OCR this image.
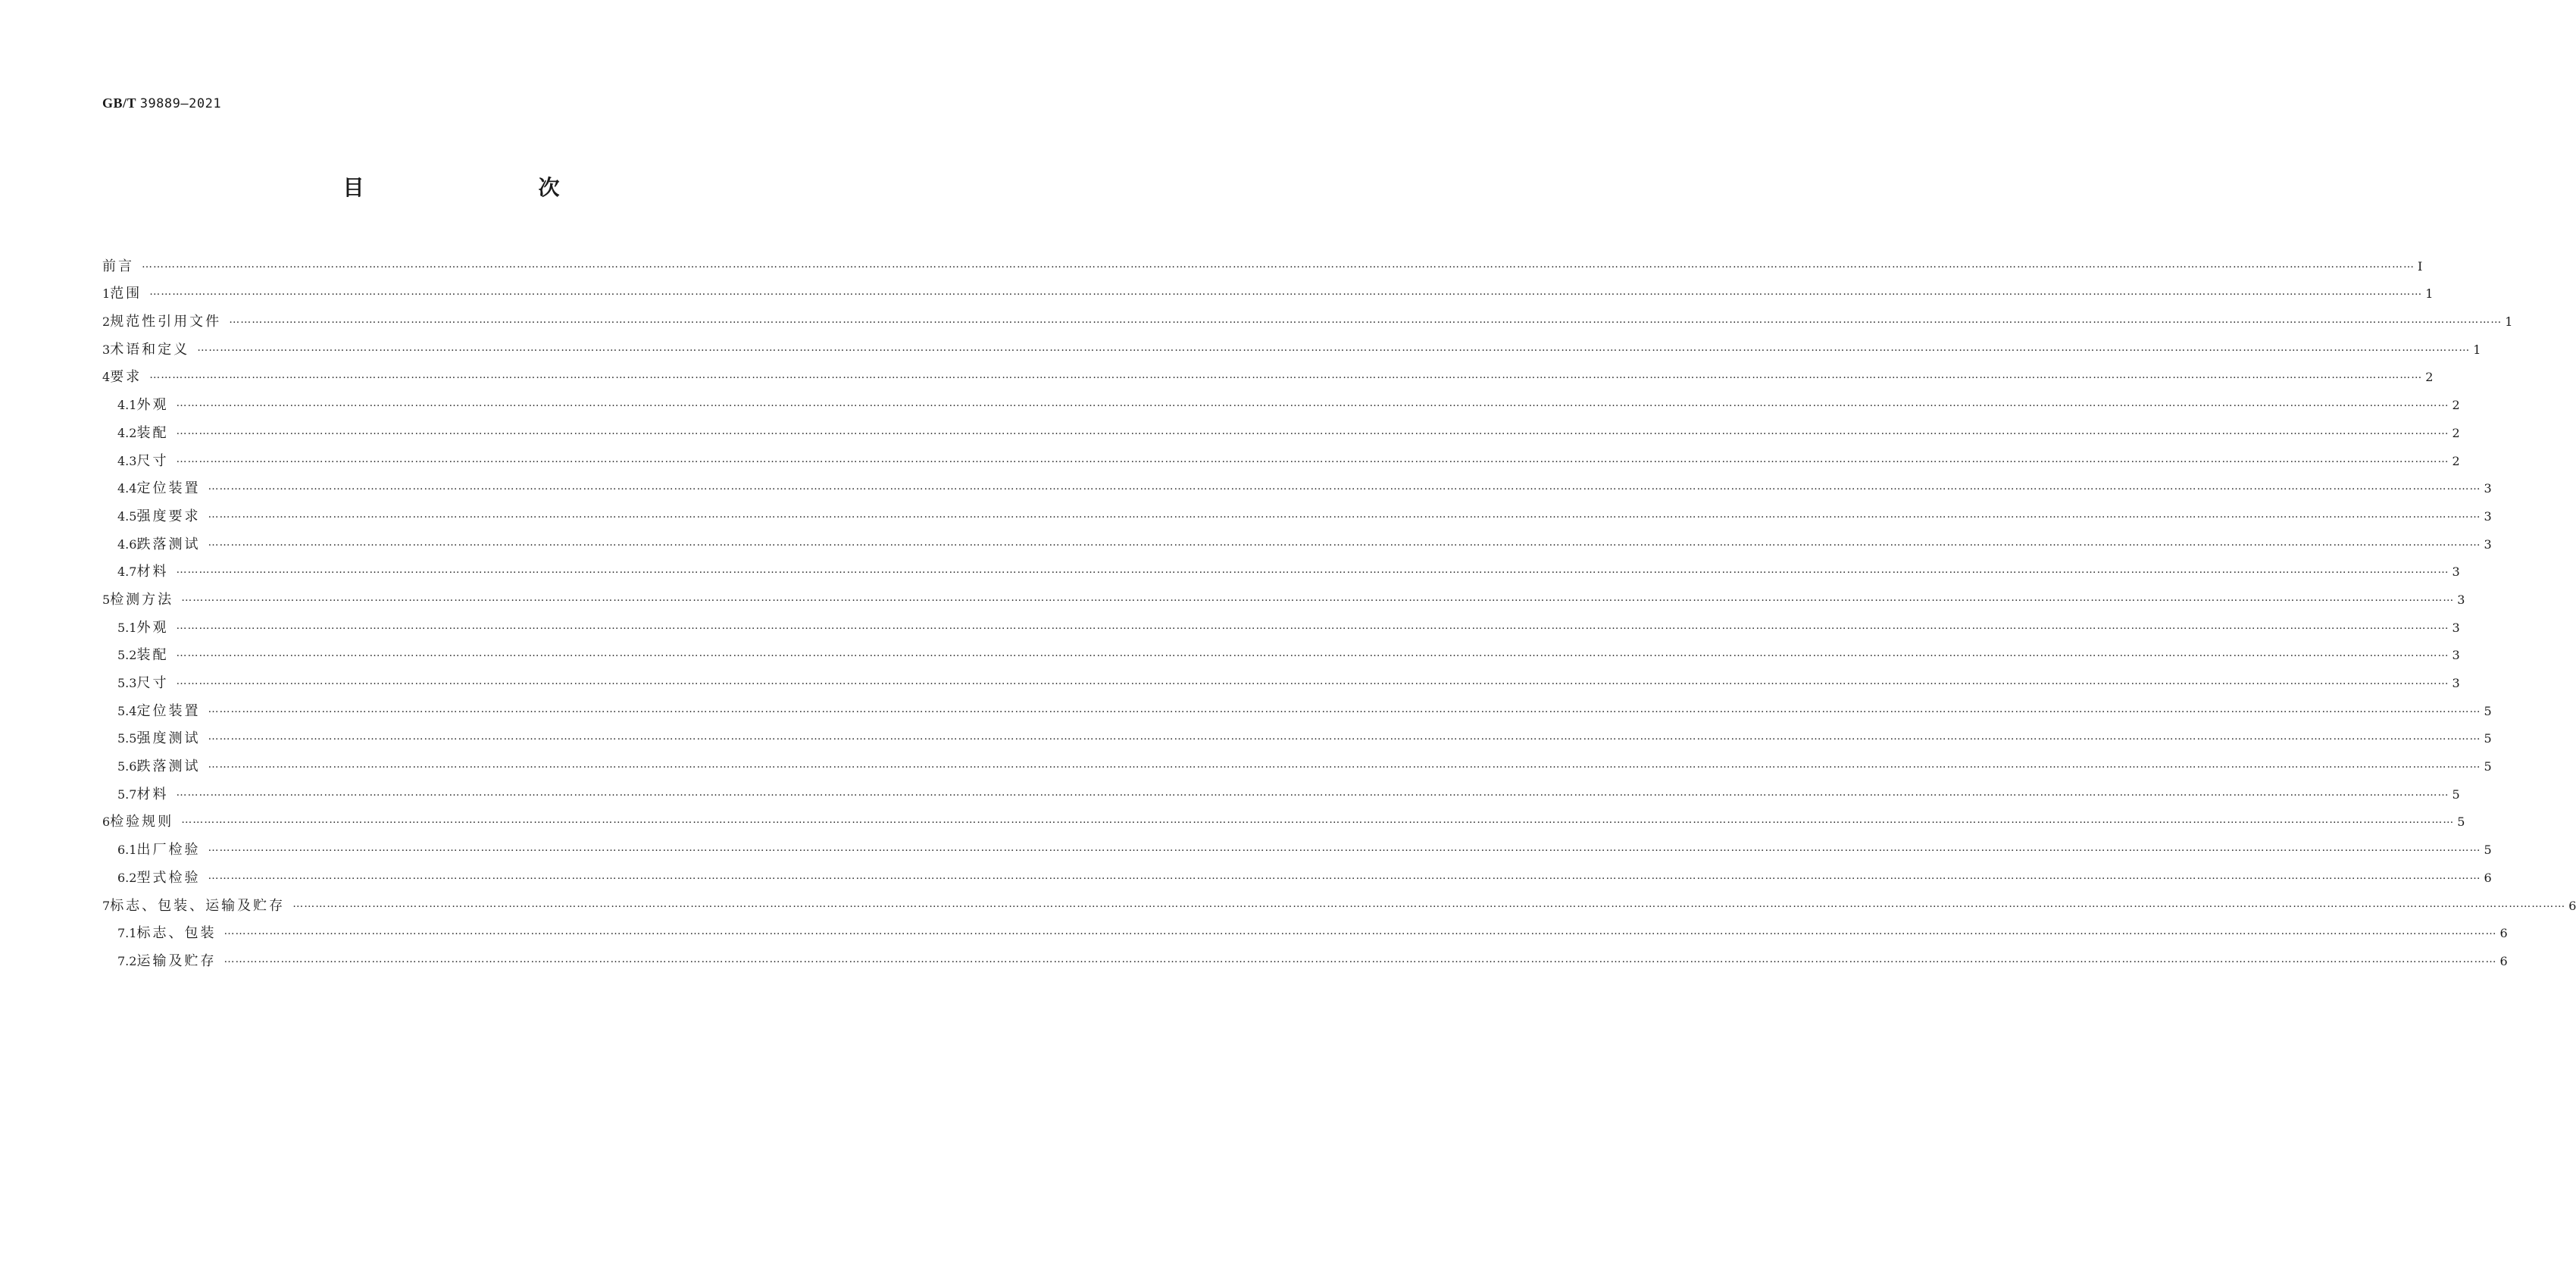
GB/T 39889—2021
目　　次
前言 …………………………………………………………………………………………………………………………………………………………………………………………………………………………………………………………………………………………………………………………………………………………………………………………………………………………………………………………………………………………………………………………………………………… Ⅰ
1 范围 …………………………………………………………………………………………………………………………………………………………………………………………………………………………………………………………………………………………………………………………………………………………………………………………………………………………………………………………………………………………………………………………………………………… 1
2 规范性引用文件 …………………………………………………………………………………………………………………………………………………………………………………………………………………………………………………………………………………………………………………………………………………………………………………………………………………………………………………………………………………………………………………………………………………… 1
3 术语和定义 …………………………………………………………………………………………………………………………………………………………………………………………………………………………………………………………………………………………………………………………………………………………………………………………………………………………………………………………………………………………………………………………………………………… 1
4 要求 …………………………………………………………………………………………………………………………………………………………………………………………………………………………………………………………………………………………………………………………………………………………………………………………………………………………………………………………………………………………………………………………………………………… 2
4.1 外观 …………………………………………………………………………………………………………………………………………………………………………………………………………………………………………………………………………………………………………………………………………………………………………………………………………………………………………………………………………………………………………………………………………………… 2
4.2 装配 …………………………………………………………………………………………………………………………………………………………………………………………………………………………………………………………………………………………………………………………………………………………………………………………………………………………………………………………………………………………………………………………………………………… 2
4.3 尺寸 …………………………………………………………………………………………………………………………………………………………………………………………………………………………………………………………………………………………………………………………………………………………………………………………………………………………………………………………………………………………………………………………………………………… 2
4.4 定位装置 …………………………………………………………………………………………………………………………………………………………………………………………………………………………………………………………………………………………………………………………………………………………………………………………………………………………………………………………………………………………………………………………………………………… 3
4.5 强度要求 …………………………………………………………………………………………………………………………………………………………………………………………………………………………………………………………………………………………………………………………………………………………………………………………………………………………………………………………………………………………………………………………………………………… 3
4.6 跌落测试 …………………………………………………………………………………………………………………………………………………………………………………………………………………………………………………………………………………………………………………………………………………………………………………………………………………………………………………………………………………………………………………………………………………… 3
4.7 材料 …………………………………………………………………………………………………………………………………………………………………………………………………………………………………………………………………………………………………………………………………………………………………………………………………………………………………………………………………………………………………………………………………………………… 3
5 检测方法 …………………………………………………………………………………………………………………………………………………………………………………………………………………………………………………………………………………………………………………………………………………………………………………………………………………………………………………………………………………………………………………………………………………… 3
5.1 外观 …………………………………………………………………………………………………………………………………………………………………………………………………………………………………………………………………………………………………………………………………………………………………………………………………………………………………………………………………………………………………………………………………………………… 3
5.2 装配 …………………………………………………………………………………………………………………………………………………………………………………………………………………………………………………………………………………………………………………………………………………………………………………………………………………………………………………………………………………………………………………………………………………… 3
5.3 尺寸 …………………………………………………………………………………………………………………………………………………………………………………………………………………………………………………………………………………………………………………………………………………………………………………………………………………………………………………………………………………………………………………………………………………… 3
5.4 定位装置 …………………………………………………………………………………………………………………………………………………………………………………………………………………………………………………………………………………………………………………………………………………………………………………………………………………………………………………………………………………………………………………………………………………… 5
5.5 强度测试 …………………………………………………………………………………………………………………………………………………………………………………………………………………………………………………………………………………………………………………………………………………………………………………………………………………………………………………………………………………………………………………………………………………… 5
5.6 跌落测试 …………………………………………………………………………………………………………………………………………………………………………………………………………………………………………………………………………………………………………………………………………………………………………………………………………………………………………………………………………………………………………………………………………………… 5
5.7 材料 …………………………………………………………………………………………………………………………………………………………………………………………………………………………………………………………………………………………………………………………………………………………………………………………………………………………………………………………………………………………………………………………………………………… 5
6 检验规则 …………………………………………………………………………………………………………………………………………………………………………………………………………………………………………………………………………………………………………………………………………………………………………………………………………………………………………………………………………………………………………………………………………………… 5
6.1 出厂检验 …………………………………………………………………………………………………………………………………………………………………………………………………………………………………………………………………………………………………………………………………………………………………………………………………………………………………………………………………………………………………………………………………………………… 5
6.2 型式检验 …………………………………………………………………………………………………………………………………………………………………………………………………………………………………………………………………………………………………………………………………………………………………………………………………………………………………………………………………………………………………………………………………………………… 6
7 标志、包装、运输及贮存 …………………………………………………………………………………………………………………………………………………………………………………………………………………………………………………………………………………………………………………………………………………………………………………………………………………………………………………………………………………………………………………………………………………… 6
7.1 标志、包装 …………………………………………………………………………………………………………………………………………………………………………………………………………………………………………………………………………………………………………………………………………………………………………………………………………………………………………………………………………………………………………………………………………………… 6
7.2 运输及贮存 …………………………………………………………………………………………………………………………………………………………………………………………………………………………………………………………………………………………………………………………………………………………………………………………………………………………………………………………………………………………………………………………………………………… 6
